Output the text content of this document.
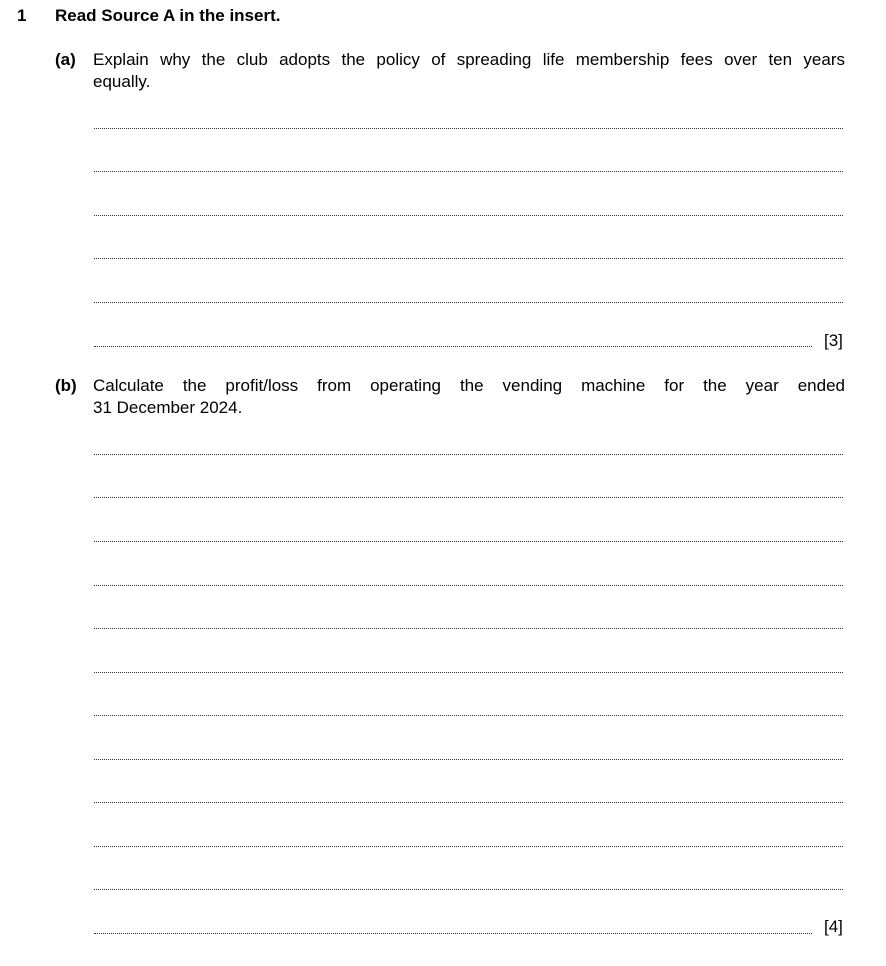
1 Read Source A in the insert.
(a) Explain why the club adopts the policy of spreading life membership fees over ten years
equally.
[3]
(b) Calculate the profit/loss from operating the vending machine for the year ended
31 December 2024.
[4]
